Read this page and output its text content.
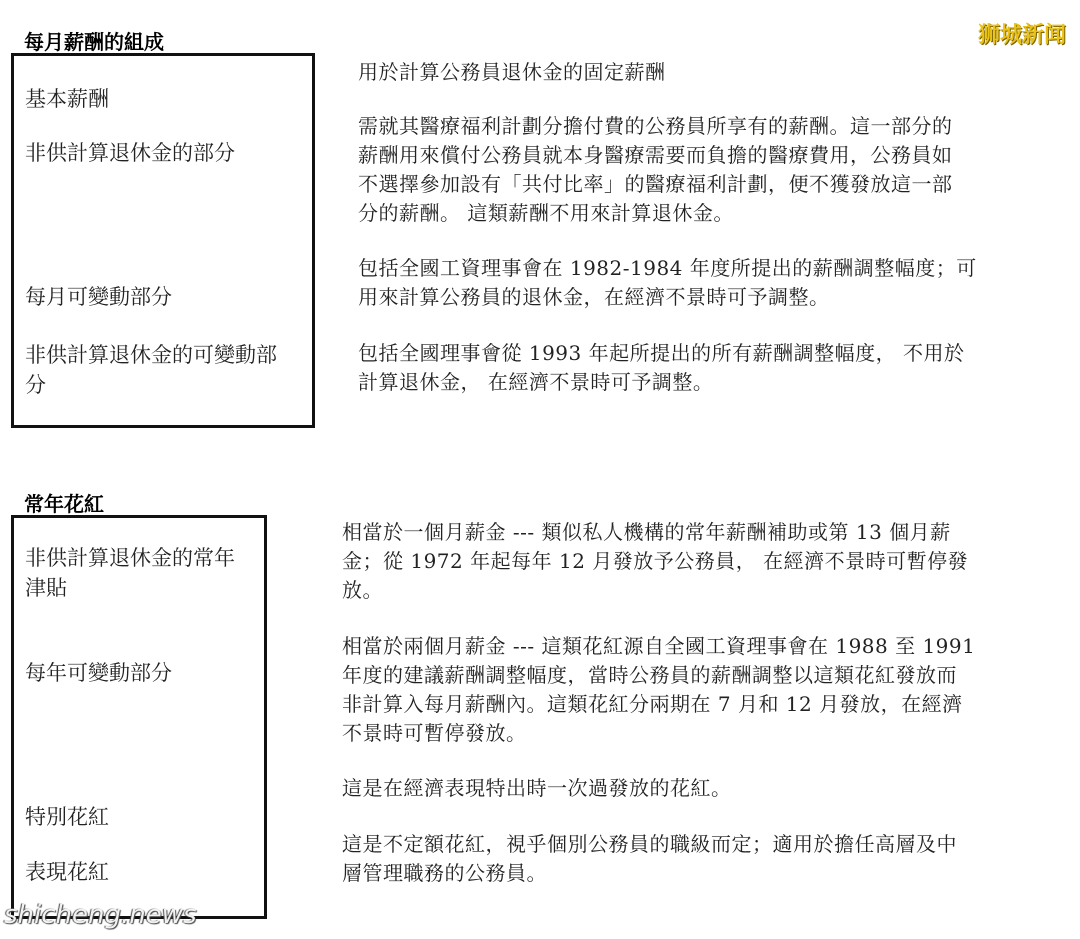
狮城新闻
每月薪酬的組成
基本薪酬
非供計算退休金的部分
每月可變動部分
非供計算退休金的可變動部
分
用於計算公務員退休金的固定薪酬
需就其醫療福利計劃分擔付費的公務員所享有的薪酬。這一部分的
薪酬用來償付公務員就本身醫療需要而負擔的醫療費用，公務員如
不選擇參加設有「共付比率」的醫療福利計劃，便不獲發放這一部
分的薪酬。 這類薪酬不用來計算退休金。
包括全國工資理事會在 1982-1984 年度所提出的薪酬調整幅度；可
用來計算公務員的退休金，在經濟不景時可予調整。
包括全國理事會從 1993 年起所提出的所有薪酬調整幅度， 不用於
計算退休金， 在經濟不景時可予調整。
常年花紅
非供計算退休金的常年
津貼
每年可變動部分
特別花紅
表現花紅
相當於一個月薪金 --- 類似私人機構的常年薪酬補助或第 13 個月薪
金；從 1972 年起每年 12 月發放予公務員， 在經濟不景時可暫停發
放。
相當於兩個月薪金 --- 這類花紅源自全國工資理事會在 1988 至 1991
年度的建議薪酬調整幅度，當時公務員的薪酬調整以這類花紅發放而
非計算入每月薪酬內。這類花紅分兩期在 7 月和 12 月發放，在經濟
不景時可暫停發放。
這是在經濟表現特出時一次過發放的花紅。
這是不定額花紅，視乎個別公務員的職級而定；適用於擔任高層及中
層管理職務的公務員。
shicheng.news
